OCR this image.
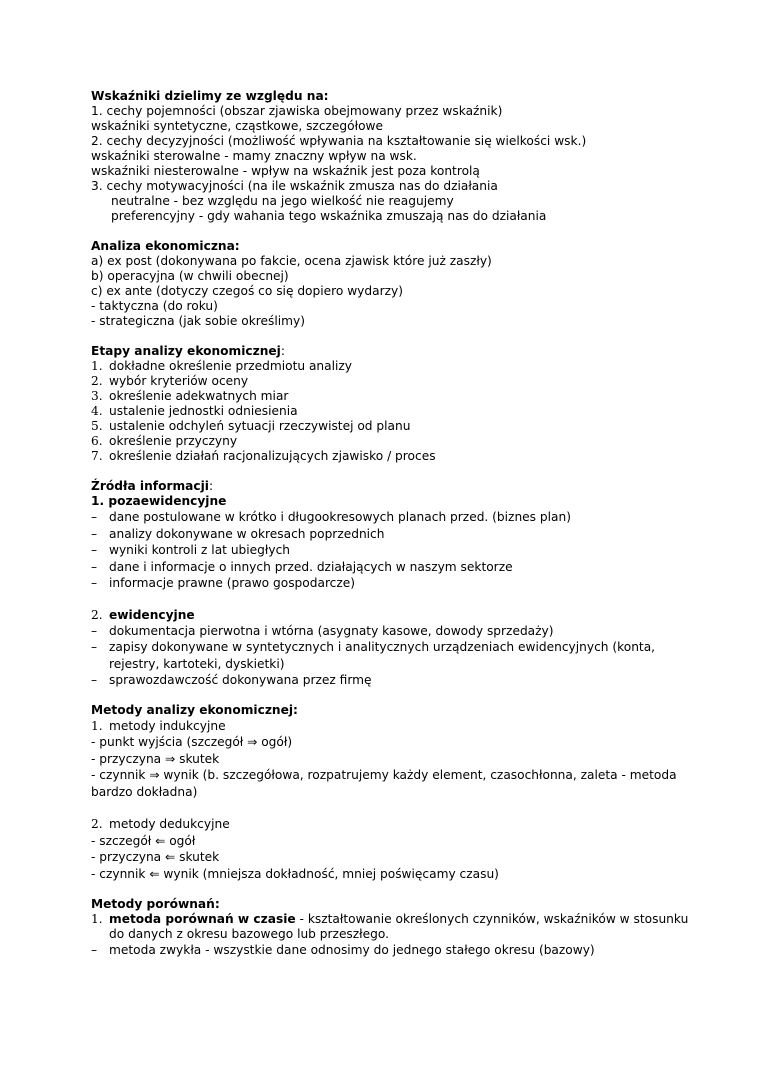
Wskaźniki dzielimy ze względu na:
1. cechy pojemności (obszar zjawiska obejmowany przez wskaźnik)
wskaźniki syntetyczne, cząstkowe, szczegółowe
2. cechy decyzyjności (możliwość wpływania na kształtowanie się wielkości wsk.)
wskaźniki sterowalne - mamy znaczny wpływ na wsk.
wskaźniki niesterowalne - wpływ na wskaźnik jest poza kontrolą
3. cechy motywacyjności (na ile wskaźnik zmusza nas do działania
neutralne - bez względu na jego wielkość nie reagujemy
preferencyjny - gdy wahania tego wskaźnika zmuszają nas do działania
Analiza ekonomiczna:
a) ex post (dokonywana po fakcie, ocena zjawisk które już zaszły)
b) operacyjna (w chwili obecnej)
c) ex ante (dotyczy czegoś co się dopiero wydarzy)
- taktyczna (do roku)
- strategiczna (jak sobie określimy)
Etapy analizy ekonomicznej:
1. dokładne określenie przedmiotu analizy
2. wybór kryteriów oceny
3. określenie adekwatnych miar
4. ustalenie jednostki odniesienia
5. ustalenie odchyleń sytuacji rzeczywistej od planu
6. określenie przyczyny
7. określenie działań racjonalizujących zjawisko / proces
Źródła informacji:
1. pozaewidencyjne
– dane postulowane w krótko i długookresowych planach przed. (biznes plan)
– analizy dokonywane w okresach poprzednich
– wyniki kontroli z lat ubiegłych
– dane i informacje o innych przed. działających w naszym sektorze
– informacje prawne (prawo gospodarcze)
2. ewidencyjne
– dokumentacja pierwotna i wtórna (asygnaty kasowe, dowody sprzedaży)
– zapisy dokonywane w syntetycznych i analitycznych urządzeniach ewidencyjnych (konta, rejestry, kartoteki, dyskietki)
– sprawozdawczość dokonywana przez firmę
Metody analizy ekonomicznej:
1. metody indukcyjne
- punkt wyjścia (szczegół ⇒ ogół)
- przyczyna ⇒ skutek
- czynnik ⇒ wynik (b. szczegółowa, rozpatrujemy każdy element, czasochłonna, zaleta - metoda bardzo dokładna)
2. metody dedukcyjne
- szczegół ⇐ ogół
- przyczyna ⇐ skutek
- czynnik ⇐ wynik (mniejsza dokładność, mniej poświęcamy czasu)
Metody porównań:
1. metoda porównań w czasie - kształtowanie określonych czynników, wskaźników w stosunku do danych z okresu bazowego lub przeszłego.
– metoda zwykła - wszystkie dane odnosimy do jednego stałego okresu (bazowy)
